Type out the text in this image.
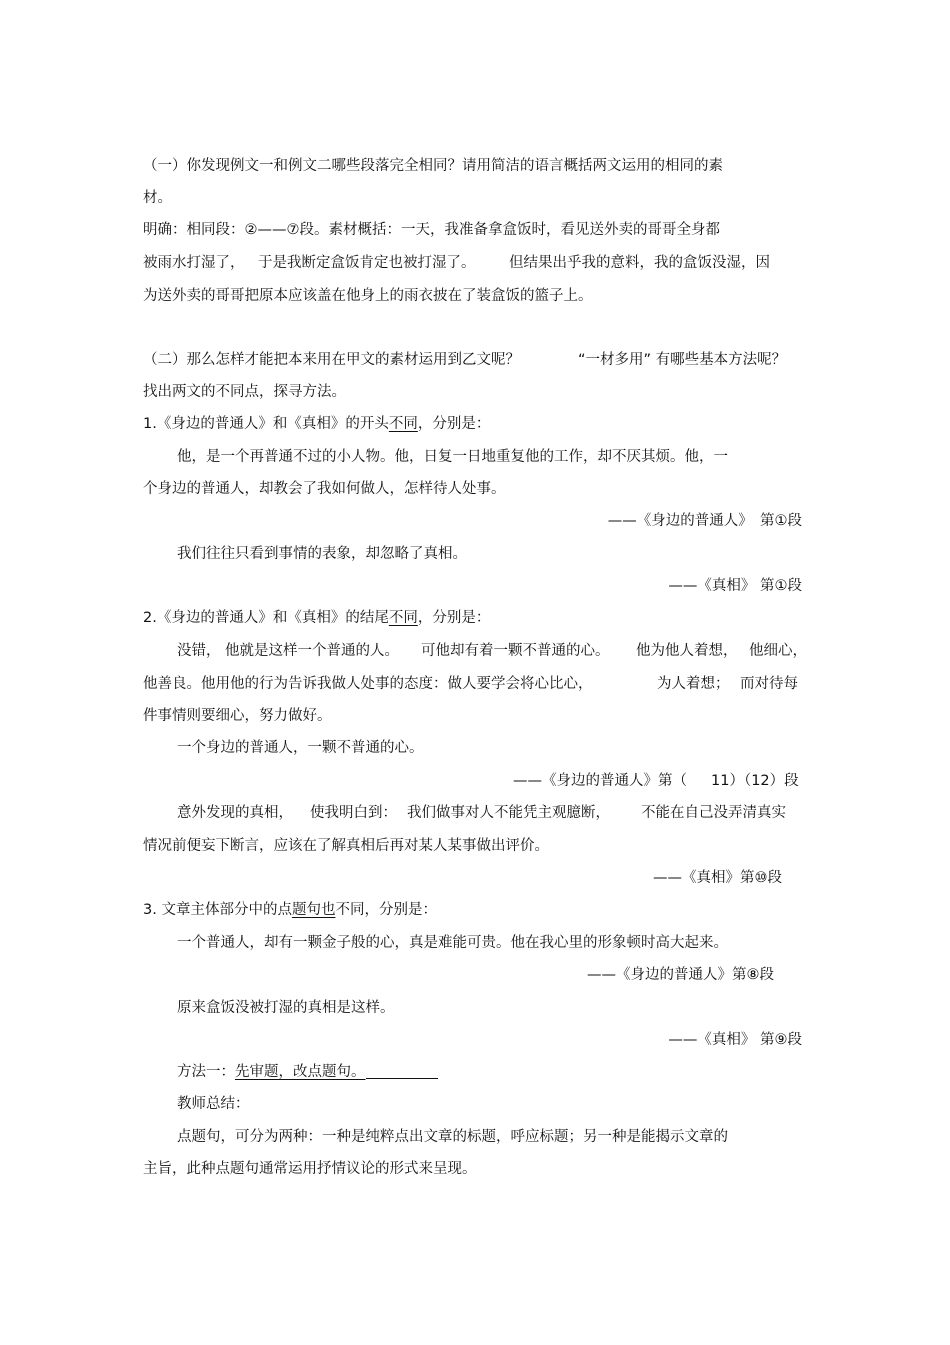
（一）你发现例文一和例文二哪些段落完全相同？请用简洁的语言概括两文运用的相同的素
材。
明确：相同段：②——⑦段。素材概括：一天，我准备拿盒饭时，看见送外卖的哥哥全身都
被雨水打湿了， 于是我断定盒饭肯定也被打湿了。 但结果出乎我的意料，我的盒饭没湿，因
为送外卖的哥哥把原本应该盖在他身上的雨衣披在了装盒饭的篮子上。
（二）那么怎样才能把本来用在甲文的素材运用到乙文呢？	“一材多用” 有哪些基本方法呢？
找出两文的不同点，探寻方法。
1.《身边的普通人》和《真相》的开头不同，分别是：
他，是一个再普通不过的小人物。他，日复一日地重复他的工作，却不厌其烦。他，一
个身边的普通人，却教会了我如何做人，怎样待人处事。
——《身边的普通人》　第①段
我们往往只看到事情的表象，却忽略了真相。
——《真相》 第①段
2.《身边的普通人》和《真相》的结尾不同，分别是：
没错， 他就是这样一个普通的人。 可他却有着一颗不普通的心。 他为他人着想， 他细心，
他善良。他用他的行为告诉我做人处事的态度：做人要学会将心比心，	为人着想； 而对待每
件事情则要细心，努力做好。
一个身边的普通人，一颗不普通的心。
——《身边的普通人》第（ 11）（12）段
意外发现的真相， 使我明白到： 我们做事对人不能凭主观臆断， 不能在自己没弄清真实
情况前便妄下断言，应该在了解真相后再对某人某事做出评价。
——《真相》第⑩段
3. 文章主体部分中的点题句也不同，分别是：
一个普通人，却有一颗金子般的心，真是难能可贵。他在我心里的形象顿时高大起来。
——《身边的普通人》第⑧段
原来盒饭没被打湿的真相是这样。
——《真相》 第⑨段
方法一：先审题，改点题句。
教师总结：
点题句，可分为两种：一种是纯粹点出文章的标题，呼应标题；另一种是能揭示文章的
主旨，此种点题句通常运用抒情议论的形式来呈现。
